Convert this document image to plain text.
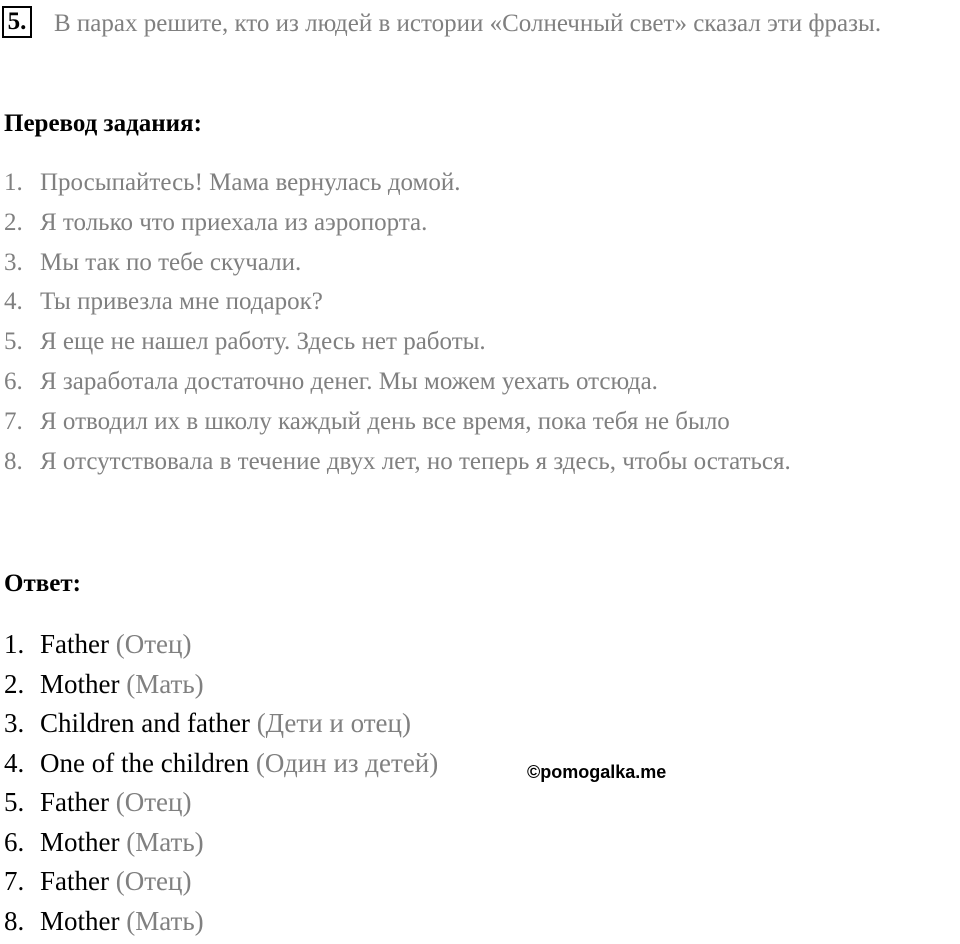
5. В парах решите, кто из людей в истории «Солнечный свет» сказал эти фразы.
Перевод задания:
1. Просыпайтесь! Мама вернулась домой.
2. Я только что приехала из аэропорта.
3. Мы так по тебе скучали.
4. Ты привезла мне подарок?
5. Я еще не нашел работу. Здесь нет работы.
6. Я заработала достаточно денег. Мы можем уехать отсюда.
7. Я отводил их в школу каждый день все время, пока тебя не было
8. Я отсутствовала в течение двух лет, но теперь я здесь, чтобы остаться.
Ответ:
1. Father (Отец)
2. Mother (Мать)
3. Children and father (Дети и отец)
4. One of the children (Один из детей)
5. Father (Отец)
6. Mother (Мать)
7. Father (Отец)
8. Mother (Мать)
©pomogalka.me
